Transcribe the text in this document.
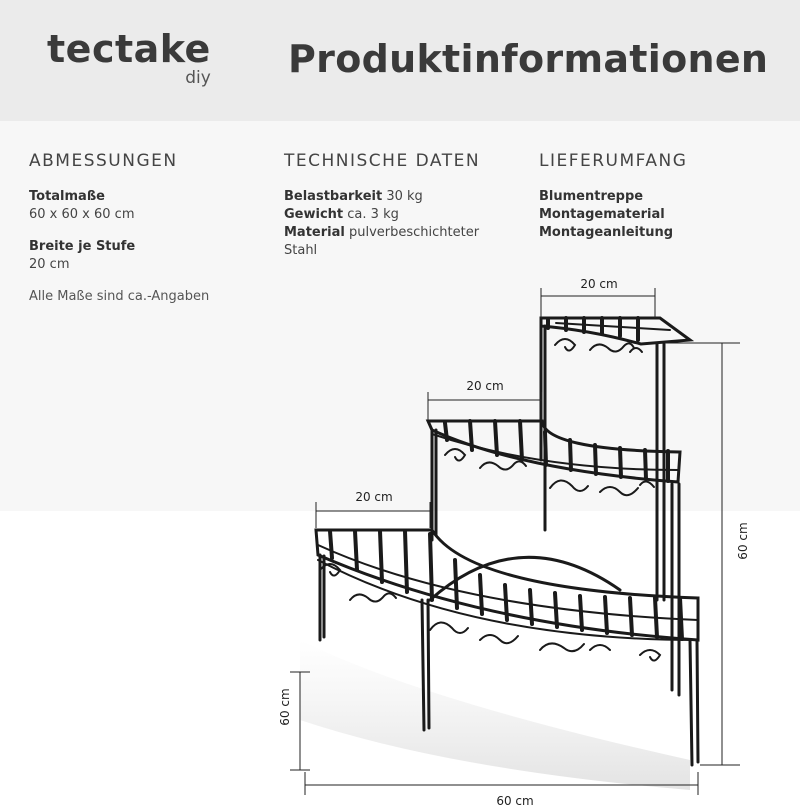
tectake
diy Produktinformationen
ABMESSUNGEN
Totalmaße
60 x 60 x 60 cm
Breite je Stufe
20 cm
Alle Maße sind ca.-Angaben
TECHNISCHE DATEN
Belastbarkeit 30 kg
Gewicht ca. 3 kg
Material pulverbeschichteter
Stahl
LIEFERUMFANG
Blumentreppe
Montagematerial
Montageanleitung
20 cm
20 cm
20 cm
60 cm
60 cm
60 cm
